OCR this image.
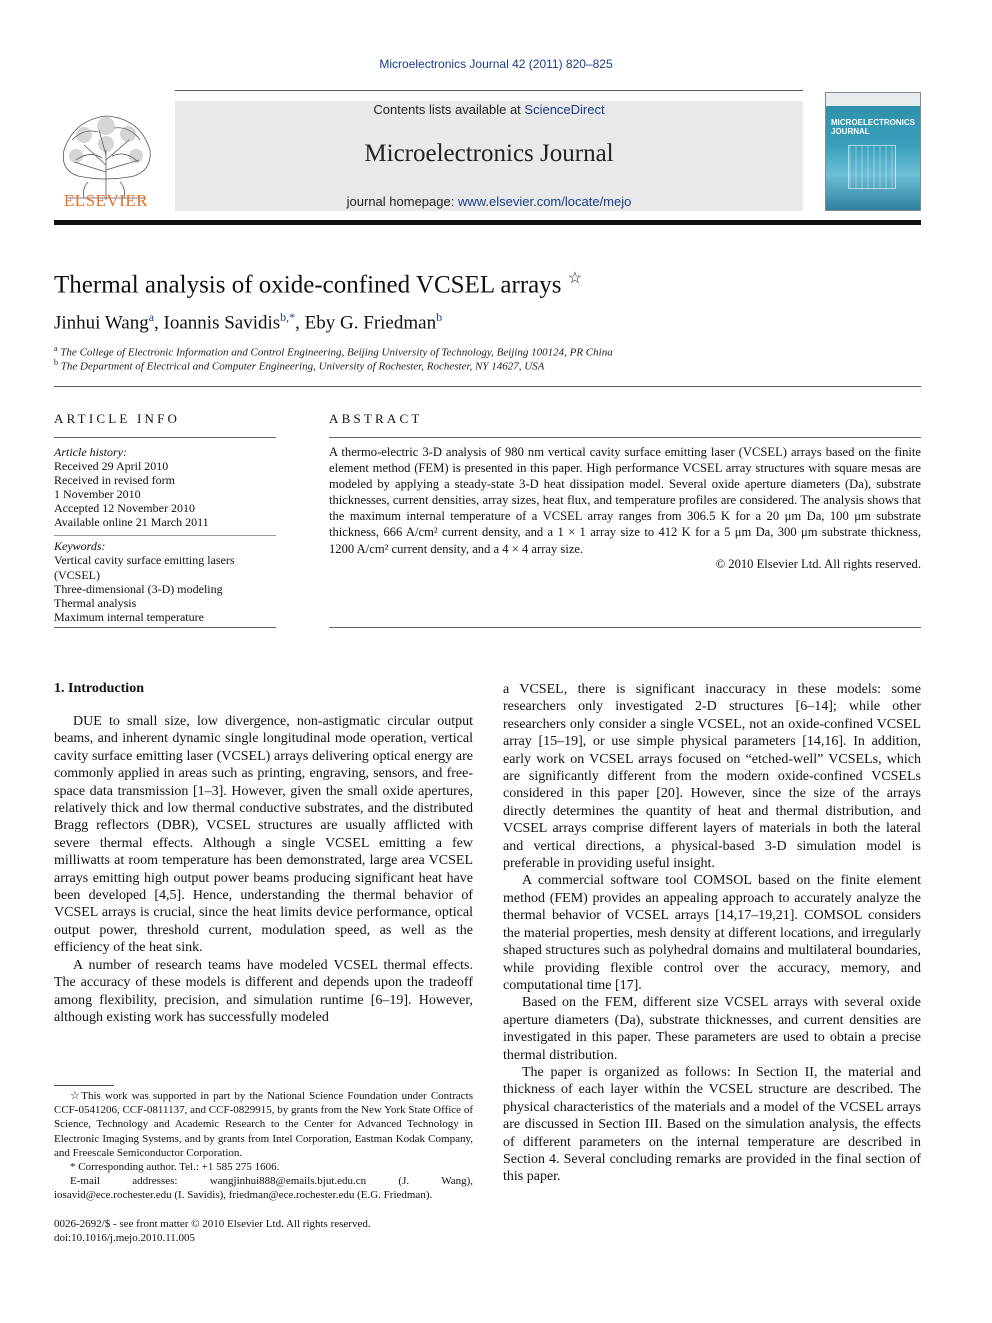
Microelectronics Journal 42 (2011) 820–825
ELSEVIER
Contents lists available at ScienceDirect
Microelectronics Journal
journal homepage: www.elsevier.com/locate/mejo
MICROELECTRONICS
JOURNAL
Thermal analysis of oxide-confined VCSEL arrays ☆
Jinhui Wang$^a$, Ioannis Savidis$^{b,*}$, Eby G. Friedman$^b$
$^a$ The College of Electronic Information and Control Engineering, Beijing University of Technology, Beijing 100124, PR China
$^b$ The Department of Electrical and Computer Engineering, University of Rochester, Rochester, NY 14627, USA
ARTICLE INFO	ABSTRACT
Article history:
Received 29 April 2010
Received in revised form
1 November 2010
Accepted 12 November 2010
Available online 21 March 2011
Keywords:
Vertical cavity surface emitting lasers
(VCSEL)
Three-dimensional (3-D) modeling
Thermal analysis
Maximum internal temperature
A thermo-electric 3-D analysis of 980 nm vertical cavity surface emitting laser (VCSEL) arrays based on the finite element method (FEM) is presented in this paper. High performance VCSEL array structures with square mesas are modeled by applying a steady-state 3-D heat dissipation model. Several oxide aperture diameters (Da), substrate thicknesses, current densities, array sizes, heat flux, and temperature profiles are considered. The analysis shows that the maximum internal temperature of a VCSEL array ranges from 306.5 K for a 20 μm Da, 100 μm substrate thickness, 666 A/cm² current density, and a 1 × 1 array size to 412 K for a 5 μm Da, 300 μm substrate thickness, 1200 A/cm² current density, and a 4 × 4 array size.
© 2010 Elsevier Ltd. All rights reserved.
1. Introduction

DUE to small size, low divergence, non-astigmatic circular output beams, and inherent dynamic single longitudinal mode operation, vertical cavity surface emitting laser (VCSEL) arrays delivering optical energy are commonly applied in areas such as printing, engraving, sensors, and free-space data transmission [1–3]. However, given the small oxide apertures, relatively thick and low thermal conductive substrates, and the distributed Bragg reflectors (DBR), VCSEL structures are usually afflicted with severe thermal effects. Although a single VCSEL emitting a few milliwatts at room temperature has been demonstrated, large area VCSEL arrays emitting high output power beams producing significant heat have been developed [4,5]. Hence, understanding the thermal behavior of VCSEL arrays is crucial, since the heat limits device performance, optical output power, threshold current, modulation speed, as well as the efficiency of the heat sink.

A number of research teams have modeled VCSEL thermal effects. The accuracy of these models is different and depends upon the tradeoff among flexibility, precision, and simulation runtime [6–19]. However, although existing work has successfully modeled

a VCSEL, there is significant inaccuracy in these models: some researchers only investigated 2-D structures [6–14]; while other researchers only consider a single VCSEL, not an oxide-confined VCSEL array [15–19], or use simple physical parameters [14,16]. In addition, early work on VCSEL arrays focused on “etched-well” VCSELs, which are significantly different from the modern oxide-confined VCSELs considered in this paper [20]. However, since the size of the arrays directly determines the quantity of heat and thermal distribution, and VCSEL arrays comprise different layers of materials in both the lateral and vertical directions, a physical-based 3-D simulation model is preferable in providing useful insight.

A commercial software tool COMSOL based on the finite element method (FEM) provides an appealing approach to accurately analyze the thermal behavior of VCSEL arrays [14,17–19,21]. COMSOL considers the material properties, mesh density at different locations, and irregularly shaped structures such as polyhedral domains and multilateral boundaries, while providing flexible control over the accuracy, memory, and computational time [17].

Based on the FEM, different size VCSEL arrays with several oxide aperture diameters (Da), substrate thicknesses, and current densities are investigated in this paper. These parameters are used to obtain a precise thermal distribution.

The paper is organized as follows: In Section II, the material and thickness of each layer within the VCSEL structure are described. The physical characteristics of the materials and a model of the VCSEL arrays are discussed in Section III. Based on the simulation analysis, the effects of different parameters on the internal temperature are described in Section 4. Several concluding remarks are provided in the final section of this paper.

☆This work was supported in part by the National Science Foundation under Contracts CCF-0541206, CCF-0811137, and CCF-0829915, by grants from the New York State Office of Science, Technology and Academic Research to the Center for Advanced Technology in Electronic Imaging Systems, and by grants from Intel Corporation, Eastman Kodak Company, and Freescale Semiconductor Corporation.

* Corresponding author. Tel.: +1 585 275 1606.

E-mail addresses: wangjinhui888@emails.bjut.edu.cn (J. Wang), iosavid@ece.rochester.edu (I. Savidis), friedman@ece.rochester.edu (E.G. Friedman).

0026-2692/$ - see front matter © 2010 Elsevier Ltd. All rights reserved.
doi:10.1016/j.mejo.2010.11.005
